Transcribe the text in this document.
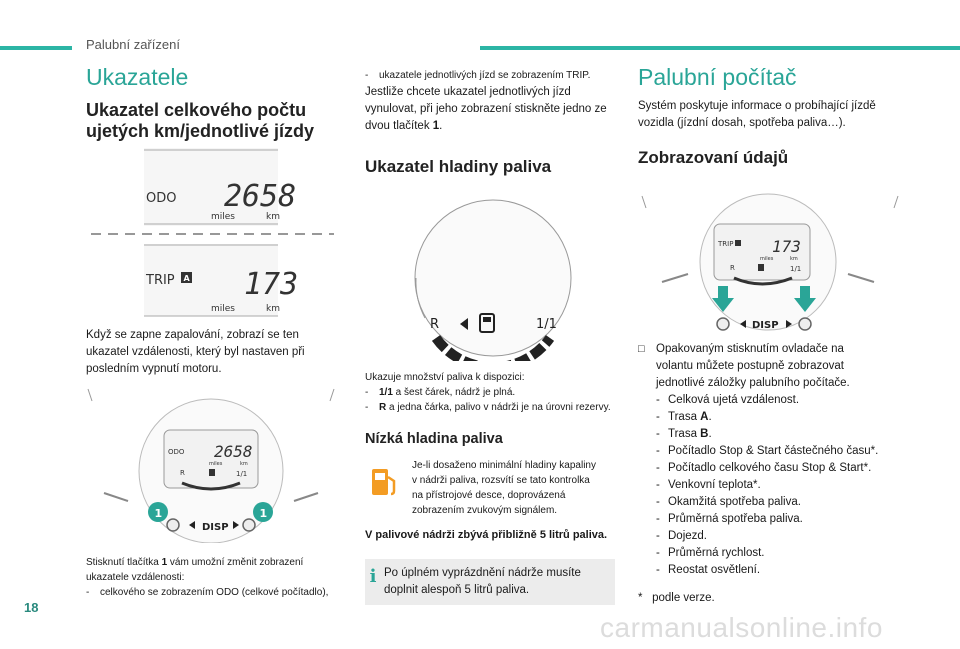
Palubní zařízení
Ukazatele
Ukazatel celkového počtu
ujetých km/jednotlivé jízdy
ODO 2658
miles	km
TRIP A 173
miles	km
Když se zapne zapalování, zobrazí se ten
ukazatel vzdálenosti, který byl nastaven při
posledním vypnutí motoru.
ODO 2658
miles	km
R	1/1
1	1
DISP
Stisknutí tlačítka 1 vám umožní změnit zobrazení
ukazatele vzdálenosti:
- celkového se zobrazením ODO (celkové počítadlo),
- ukazatele jednotlivých jízd se zobrazením TRIP.
Jestliže chcete ukazatel jednotlivých jízd
vynulovat, při jeho zobrazení stiskněte jedno ze
dvou tlačítek 1.
Ukazatel hladiny paliva
R	1/1
Ukazuje množství paliva k dispozici:
- 1/1 a šest čárek, nádrž je plná.
- R a jedna čárka, palivo v nádrži je na úrovni rezervy.
Nízká hladina paliva
Je-li dosaženo minimální hladiny kapaliny
v nádrži paliva, rozsvítí se tato kontrolka
na přístrojové desce, doprovázená
zobrazením zvukovým signálem.
V palivové nádrži zbývá přibližně 5 litrů paliva.
i Po úplném vyprázdnění nádrže musíte
doplnit alespoň 5 litrů paliva.
Palubní počítač
Systém poskytuje informace o probíhající jízdě
vozidla (jízdní dosah, spotřeba paliva…).
Zobrazovaní údajů
TRIP 173
miles	km
R	1/1
DISP
□ Opakovaným stisknutím ovladače na
volantu můžete postupně zobrazovat
jednotlivé záložky palubního počítače.
- Celková ujetá vzdálenost.
- Trasa A.
- Trasa B.
- Počítadlo Stop & Start částečného času*.
- Počítadlo celkového času Stop & Start*.
- Venkovní teplota*.
- Okamžitá spotřeba paliva.
- Průměrná spotřeba paliva.
- Dojezd.
- Průměrná rychlost.
- Reostat osvětlení.
* podle verze.
18
carmanualsonline.info
